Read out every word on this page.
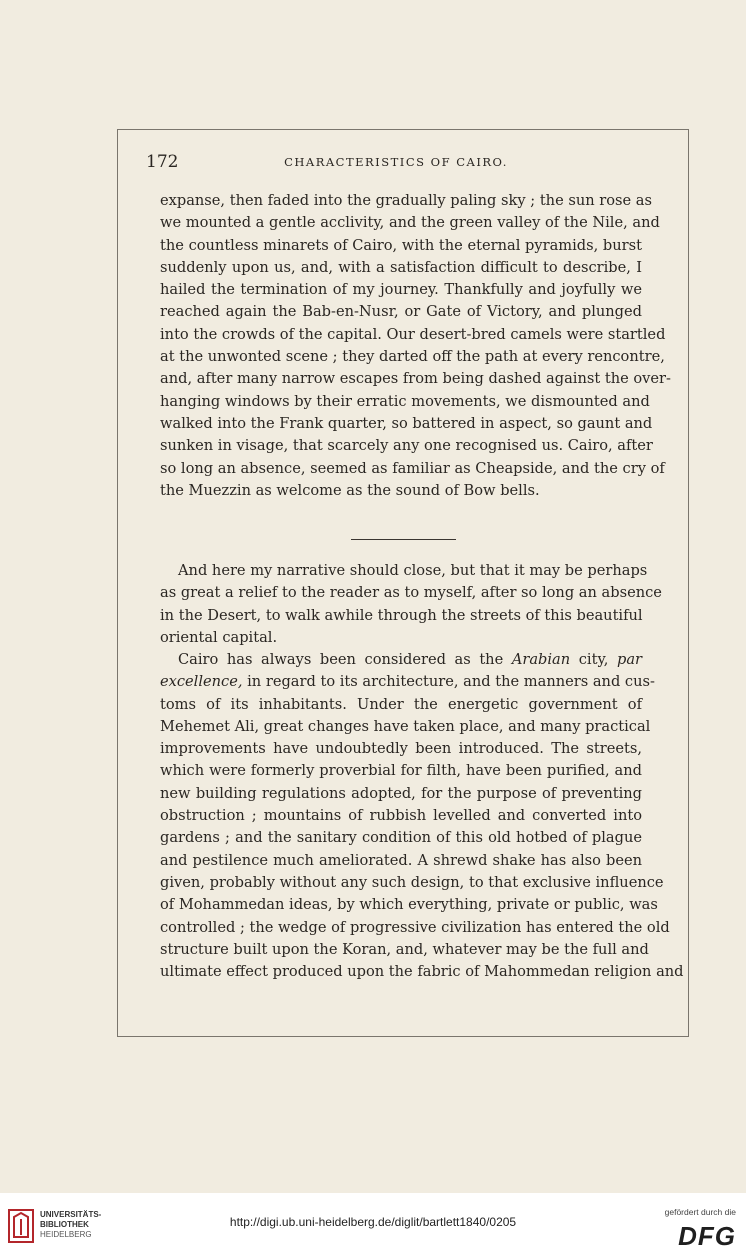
172	CHARACTERISTICS OF CAIRO.
expanse, then faded into the gradually paling sky ; the sun rose as
we mounted a gentle acclivity, and the green valley of the Nile, and
the countless minarets of Cairo, with the eternal pyramids, burst
suddenly upon us, and, with a satisfaction difficult to describe, I
hailed the termination of my journey. Thankfully and joyfully we
reached again the Bab-en-Nusr, or Gate of Victory, and plunged
into the crowds of the capital. Our desert-bred camels were startled
at the unwonted scene ; they darted off the path at every rencontre,
and, after many narrow escapes from being dashed against the over-
hanging windows by their erratic movements, we dismounted and
walked into the Frank quarter, so battered in aspect, so gaunt and
sunken in visage, that scarcely any one recognised us. Cairo, after
so long an absence, seemed as familiar as Cheapside, and the cry of
the Muezzin as welcome as the sound of Bow bells.
And here my narrative should close, but that it may be perhaps
as great a relief to the reader as to myself, after so long an absence
in the Desert, to walk awhile through the streets of this beautiful
oriental capital.
Cairo has always been considered as the Arabian city, par
excellence, in regard to its architecture, and the manners and cus-
toms of its inhabitants. Under the energetic government of
Mehemet Ali, great changes have taken place, and many practical
improvements have undoubtedly been introduced. The streets,
which were formerly proverbial for filth, have been purified, and
new building regulations adopted, for the purpose of preventing
obstruction ; mountains of rubbish levelled and converted into
gardens ; and the sanitary condition of this old hotbed of plague
and pestilence much ameliorated. A shrewd shake has also been
given, probably without any such design, to that exclusive influence
of Mohammedan ideas, by which everything, private or public, was
controlled ; the wedge of progressive civilization has entered the old
structure built upon the Koran, and, whatever may be the full and
ultimate effect produced upon the fabric of Mahommedan religion and
UNIVERSITÄTS-
BIBLIOTHEK
HEIDELBERG
http://digi.ub.uni-heidelberg.de/diglit/bartlett1840/0205
gefördert durch die
DFG
